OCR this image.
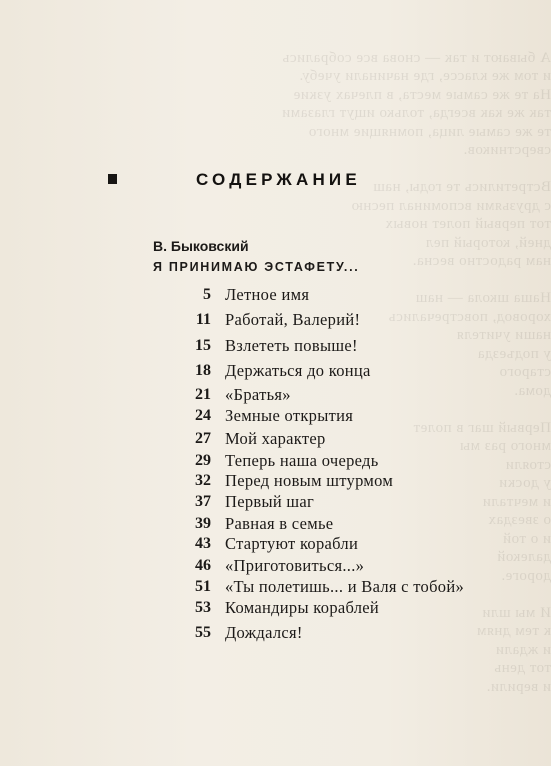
А бывают и так — снова все собрались
и том же классе, где начинали учебу.
На те же самые места, в плечах узкие
так же как всегда, только ищут глазами
те же самые лица, помнящие много
сверстников.

Встретились те годы, наш
с друзьями вспоминал пеcню
тот первый полет новых
дней, который пел
нам радостно весна.

Наша школа — наш
хоровод, повстречались
наши учителя
у подъезда
старого
дома.

Первый шаг в полет
много раз мы
стояли
у доски
и мечтали
о звездах
и о той
далекой
дороге.

И мы шли
к тем дням
и ждали
тот день
и верили.

СОДЕРЖАНИЕ
В. Быковский
Я ПРИНИМАЮ ЭСТАФЕТУ...
5 Летное имя
11 Работай, Валерий!
15 Взлететь повыше!
18 Держаться до конца
21 «Братья»
24 Земные открытия
27 Мой характер
29 Теперь наша очередь
32 Перед новым штурмом
37 Первый шаг
39 Равная в семье
43 Стартуют корабли
46 «Приготовиться...»
51 «Ты полетишь... и Валя с тобой»
53 Командиры кораблей
55 Дождался!
